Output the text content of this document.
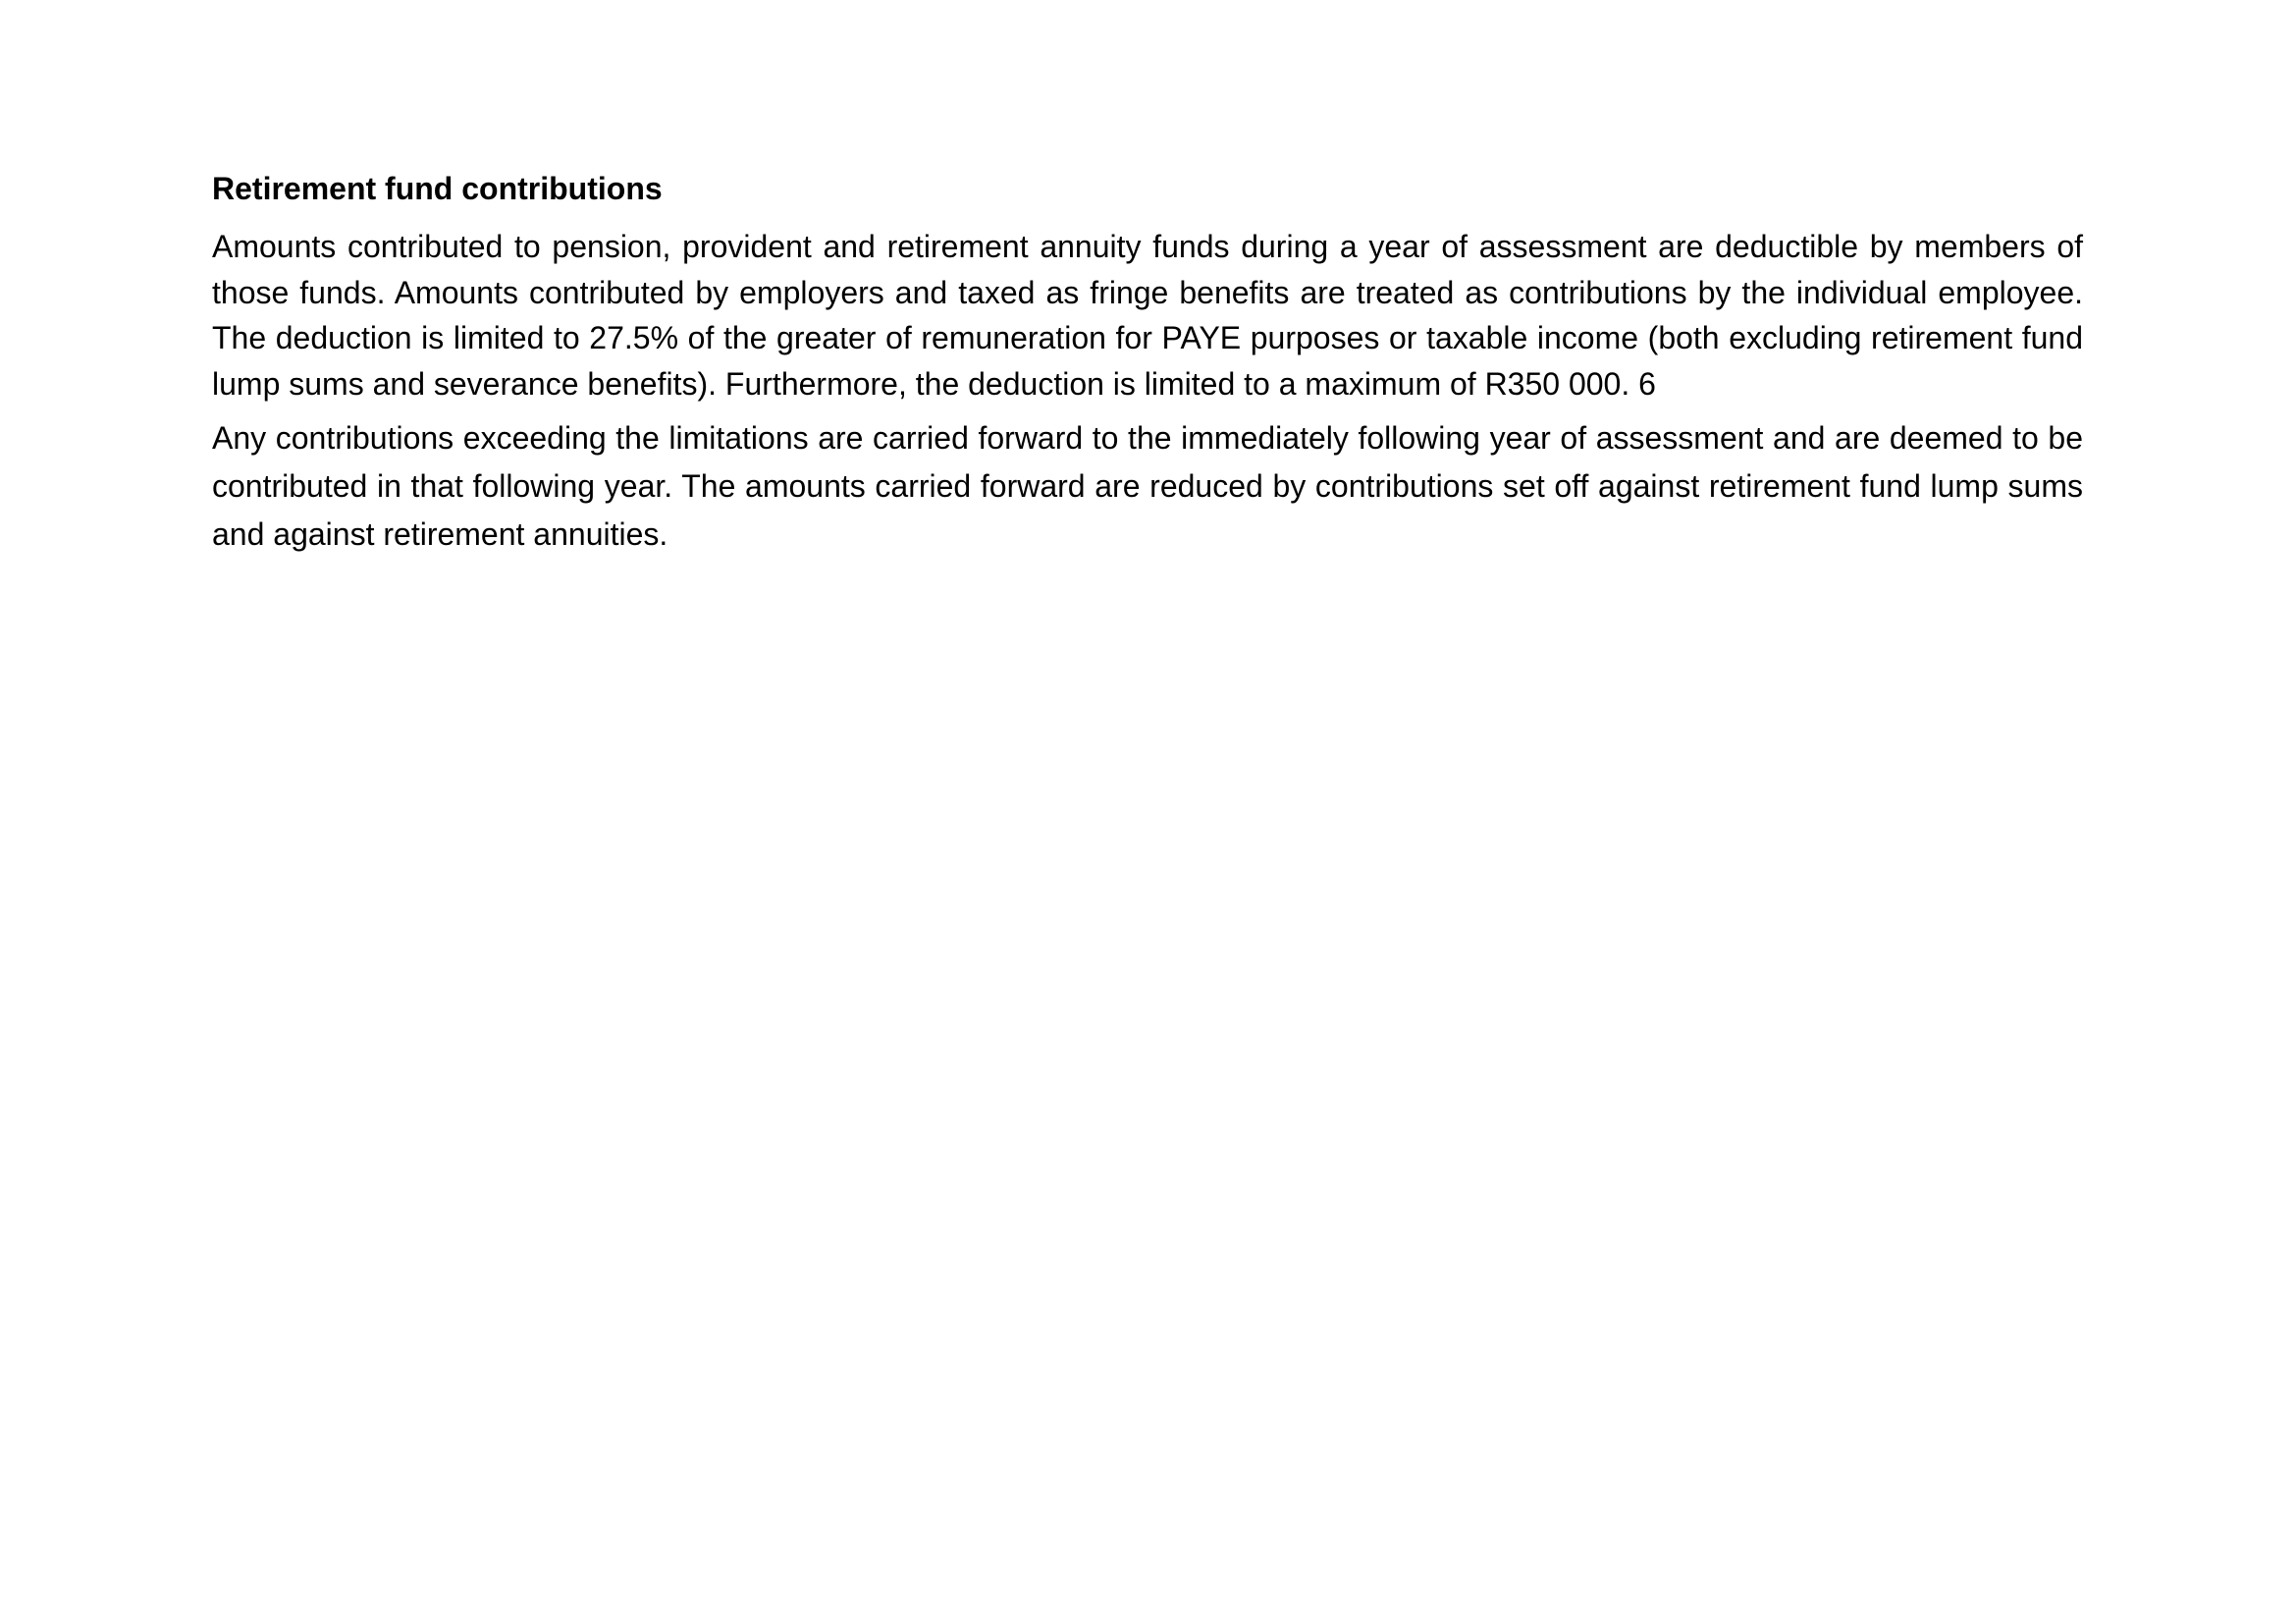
Retirement fund contributions

Amounts contributed to pension, provident and retirement annuity funds during a year of assessment are deductible by members of those funds. Amounts contributed by employers and taxed as fringe benefits are treated as contributions by the individual employee. The deduction is limited to 27.5% of the greater of remuneration for PAYE purposes or taxable income (both excluding retirement fund lump sums and severance benefits). Furthermore, the deduction is limited to a maximum of R350 000. 6

Any contributions exceeding the limitations are carried forward to the immediately following year of assessment and are deemed to be contributed in that following year. The amounts carried forward are reduced by contributions set off against retirement fund lump sums and against retirement annuities.
